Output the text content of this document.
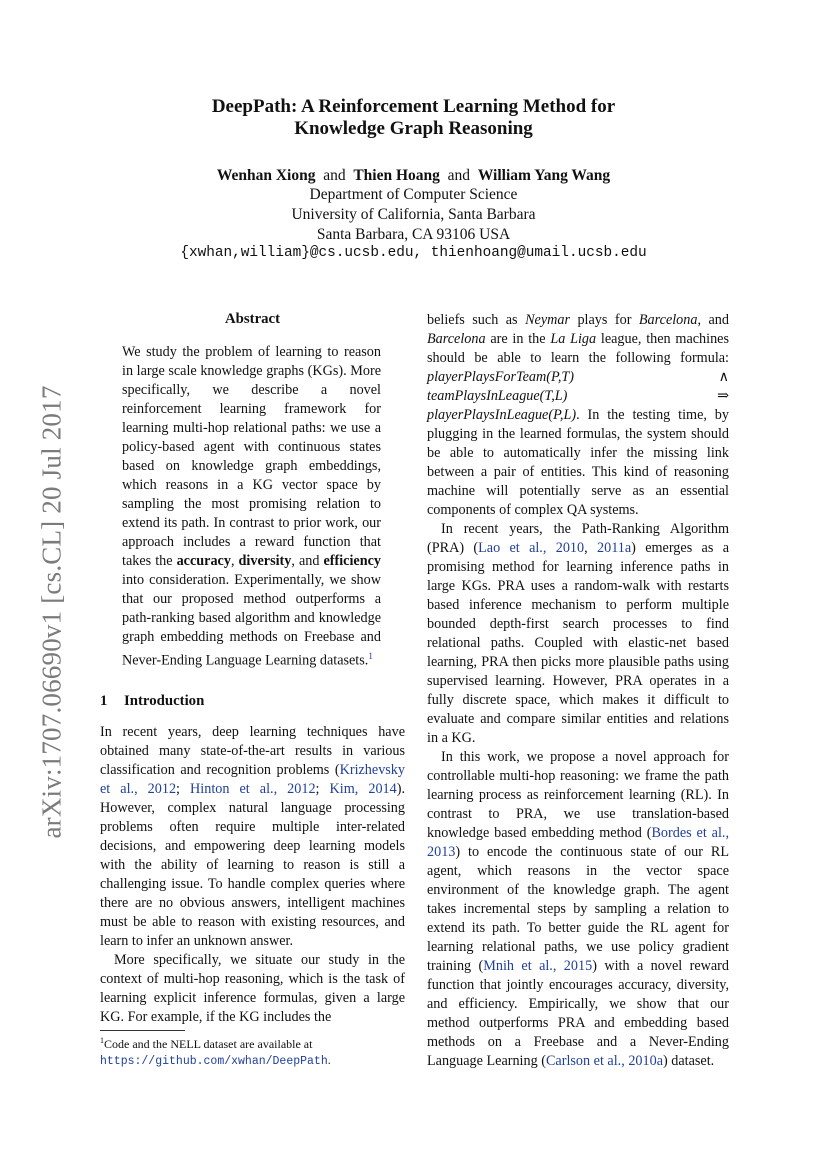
arXiv:1707.06690v1 [cs.CL] 20 Jul 2017
DeepPath: A Reinforcement Learning Method for
Knowledge Graph Reasoning
Wenhan Xiong and Thien Hoang and William Yang Wang
Department of Computer Science
University of California, Santa Barbara
Santa Barbara, CA 93106 USA
{xwhan,william}@cs.ucsb.edu, thienhoang@umail.ucsb.edu
Abstract

We study the problem of learning to reason in large scale knowledge graphs (KGs). More specifically, we describe a novel reinforcement learning framework for learning multi-hop relational paths: we use a policy-based agent with continuous states based on knowledge graph embeddings, which reasons in a KG vector space by sampling the most promising relation to extend its path. In contrast to prior work, our approach includes a reward function that takes the accuracy, diversity, and efficiency into consideration. Experimentally, we show that our proposed method outperforms a path-ranking based algorithm and knowledge graph embedding methods on Freebase and Never-Ending Language Learning datasets.$^1$

1 Introduction

In recent years, deep learning techniques have obtained many state-of-the-art results in various classification and recognition problems (Krizhevsky et al., 2012; Hinton et al., 2012; Kim, 2014). However, complex natural language processing problems often require multiple inter-related decisions, and empowering deep learning models with the ability of learning to reason is still a challenging issue. To handle complex queries where there are no obvious answers, intelligent machines must be able to reason with existing resources, and learn to infer an unknown answer.

More specifically, we situate our study in the context of multi-hop reasoning, which is the task of learning explicit inference formulas, given a large KG. For example, if the KG includes the

beliefs such as Neymar plays for Barcelona, and Barcelona are in the La Liga league, then machines should be able to learn the following formula: playerPlaysForTeam(P,T) ∧ teamPlaysInLeague(T,L) ⇒ playerPlaysInLeague(P,L). In the testing time, by plugging in the learned formulas, the system should be able to automatically infer the missing link between a pair of entities. This kind of reasoning machine will potentially serve as an essential components of complex QA systems.

In recent years, the Path-Ranking Algorithm (PRA) (Lao et al., 2010, 2011a) emerges as a promising method for learning inference paths in large KGs. PRA uses a random-walk with restarts based inference mechanism to perform multiple bounded depth-first search processes to find relational paths. Coupled with elastic-net based learning, PRA then picks more plausible paths using supervised learning. However, PRA operates in a fully discrete space, which makes it difficult to evaluate and compare similar entities and relations in a KG.

In this work, we propose a novel approach for controllable multi-hop reasoning: we frame the path learning process as reinforcement learning (RL). In contrast to PRA, we use translation-based knowledge based embedding method (Bordes et al., 2013) to encode the continuous state of our RL agent, which reasons in the vector space environment of the knowledge graph. The agent takes incremental steps by sampling a relation to extend its path. To better guide the RL agent for learning relational paths, we use policy gradient training (Mnih et al., 2015) with a novel reward function that jointly encourages accuracy, diversity, and efficiency. Empirically, we show that our method outperforms PRA and embedding based methods on a Freebase and a Never-Ending Language Learning (Carlson et al., 2010a) dataset.

$^1$Code and the NELL dataset are available at https://github.com/xwhan/DeepPath.
